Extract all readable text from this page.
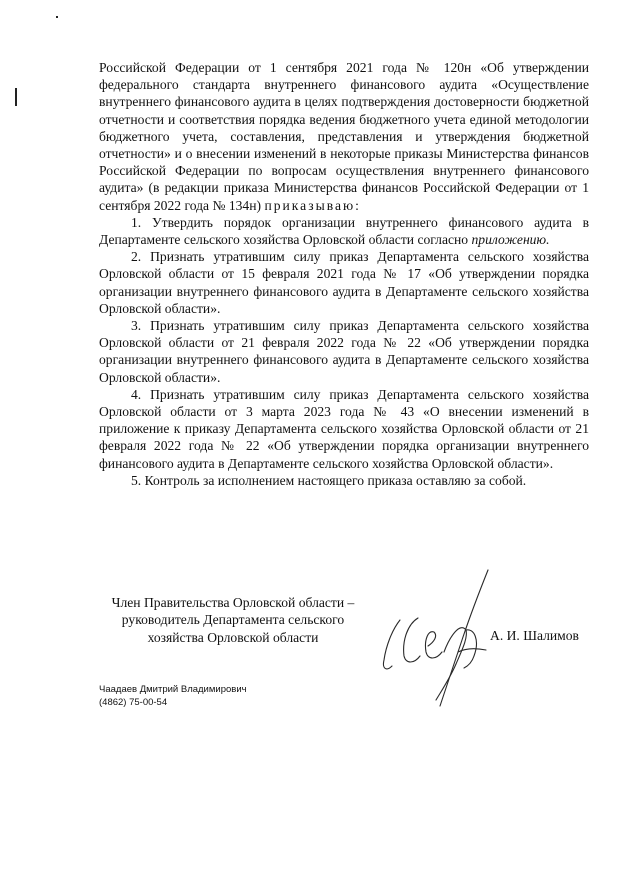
Российской Федерации от 1 сентября 2021 года № 120н «Об утверждении федерального стандарта внутреннего финансового аудита «Осуществление внутреннего финансового аудита в целях подтверждения достоверности бюджетной отчетности и соответствия порядка ведения бюджетного учета единой методологии бюджетного учета, составления, представления и утверждения бюджетной отчетности» и о внесении изменений в некоторые приказы Министерства финансов Российской Федерации по вопросам осуществления внутреннего финансового аудита» (в редакции приказа Министерства финансов Российской Федерации от 1 сентября 2022 года № 134н) приказываю:

1. Утвердить порядок организации внутреннего финансового аудита в Департаменте сельского хозяйства Орловской области согласно приложению.

2. Признать утратившим силу приказ Департамента сельского хозяйства Орловской области от 15 февраля 2021 года № 17 «Об утверждении порядка организации внутреннего финансового аудита в Департаменте сельского хозяйства Орловской области».

3. Признать утратившим силу приказ Департамента сельского хозяйства Орловской области от 21 февраля 2022 года № 22 «Об утверждении порядка организации внутреннего финансового аудита в Департаменте сельского хозяйства Орловской области».

4. Признать утратившим силу приказ Департамента сельского хозяйства Орловской области от 3 марта 2023 года № 43 «О внесении изменений в приложение к приказу Департамента сельского хозяйства Орловской области от 21 февраля 2022 года № 22 «Об утверждении порядка организации внутреннего финансового аудита в Департаменте сельского хозяйства Орловской области».

5. Контроль за исполнением настоящего приказа оставляю за собой.

Член Правительства Орловской области –
руководитель Департамента сельского
хозяйства Орловской области	А. И. Шалимов
Чаадаев Дмитрий Владимирович
(4862) 75-00-54
